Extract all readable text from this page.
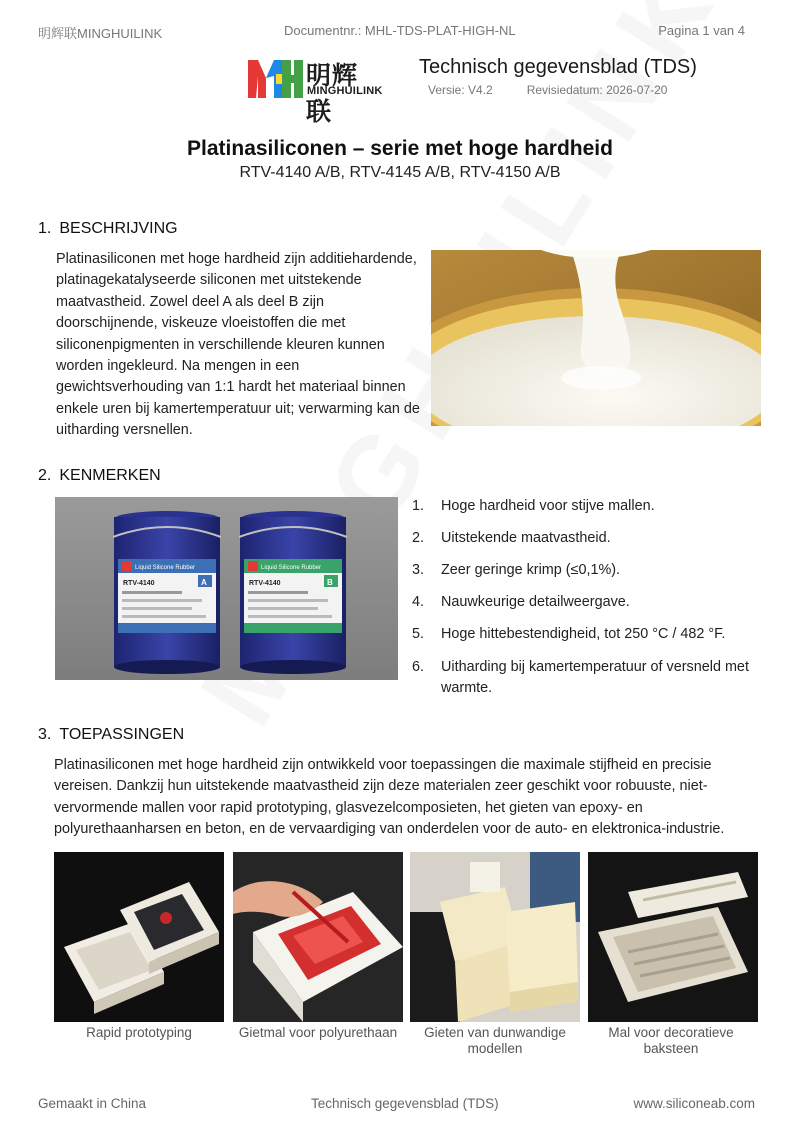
明辉联MINGHUILINK	Documentnr.: MHL-TDS-PLAT-HIGH-NL	Pagina 1 van 4
明辉联
MINGHUILINK
Technisch gegevensblad (TDS)
Versie: V4.2	Revisiedatum: 2026-07-20
Platinasiliconen – serie met hoge hardheid
RTV-4140 A/B, RTV-4145 A/B, RTV-4150 A/B
1. BESCHRIJVING
Platinasiliconen met hoge hardheid zijn additiehardende, platinagekatalyseerde siliconen met uitstekende maatvastheid. Zowel deel A als deel B zijn doorschijnende, viskeuze vloeistoffen die met siliconenpigmenten in verschillende kleuren kunnen worden ingekleurd. Na mengen in een gewichtsverhouding van 1:1 hardt het materiaal binnen enkele uren bij kamertemperatuur uit; verwarming kan de uitharding versnellen.
2. KENMERKEN
RTV-4140	A	RTV-4140	B
Liquid Silicone Rubber	Liquid Silicone Rubber
1.	Hoge hardheid voor stijve mallen.
2.	Uitstekende maatvastheid.
3.	Zeer geringe krimp (≤0,1%).
4.	Nauwkeurige detailweergave.
5.	Hoge hittebestendigheid, tot 250 °C / 482 °F.
6.	Uitharding bij kamertemperatuur of versneld met warmte.
3. TOEPASSINGEN
Platinasiliconen met hoge hardheid zijn ontwikkeld voor toepassingen die maximale stijfheid en precisie vereisen. Dankzij hun uitstekende maatvastheid zijn deze materialen zeer geschikt voor robuuste, niet-vervormende mallen voor rapid prototyping, glasvezelcomposieten, het gieten van epoxy- en polyurethaanharsen en beton, en de vervaardiging van onderdelen voor de auto- en elektronica-industrie.
Rapid prototyping	Gietmal voor polyurethaan	Gieten van dunwandige modellen
Mal voor decoratieve baksteen
Gemaakt in China	Technisch gegevensblad (TDS)	www.siliconeab.com
